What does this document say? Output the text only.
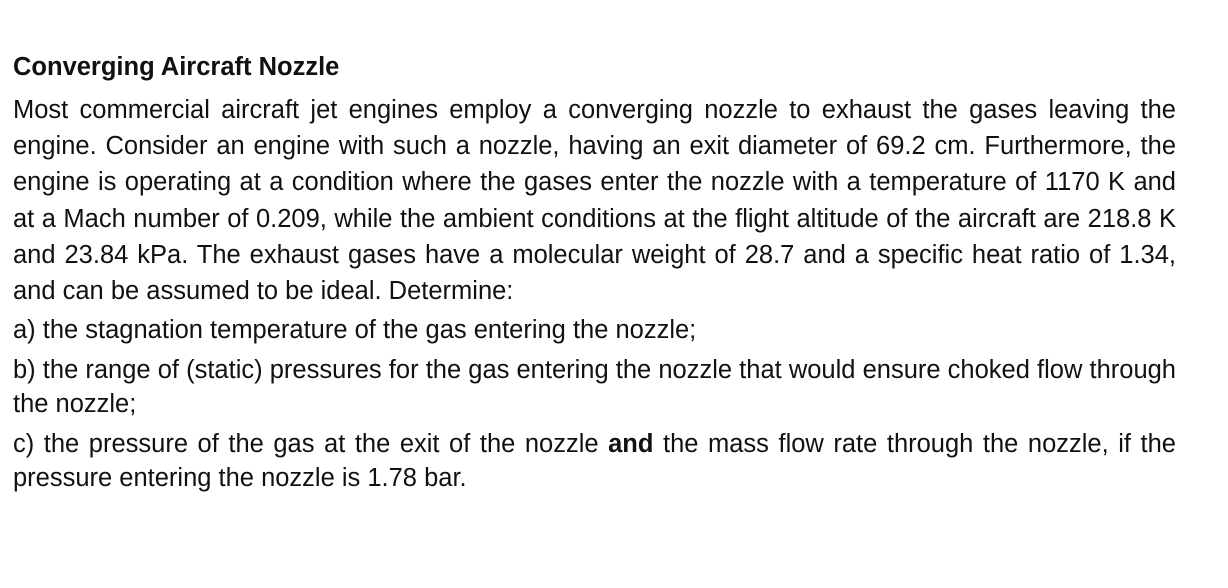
Converging Aircraft Nozzle

Most commercial aircraft jet engines employ a converging nozzle to exhaust the gases leaving the engine. Consider an engine with such a nozzle, having an exit diameter of 69.2 cm. Furthermore, the engine is operating at a condition where the gases enter the nozzle with a temperature of 1170 K and at a Mach number of 0.209, while the ambient conditions at the flight altitude of the aircraft are 218.8 K and 23.84 kPa. The exhaust gases have a molecular weight of 28.7 and a specific heat ratio of 1.34, and can be assumed to be ideal. Determine:

a) the stagnation temperature of the gas entering the nozzle;

b) the range of (static) pressures for the gas entering the nozzle that would ensure choked flow through the nozzle;

c) the pressure of the gas at the exit of the nozzle and the mass flow rate through the nozzle, if the pressure entering the nozzle is 1.78 bar.
